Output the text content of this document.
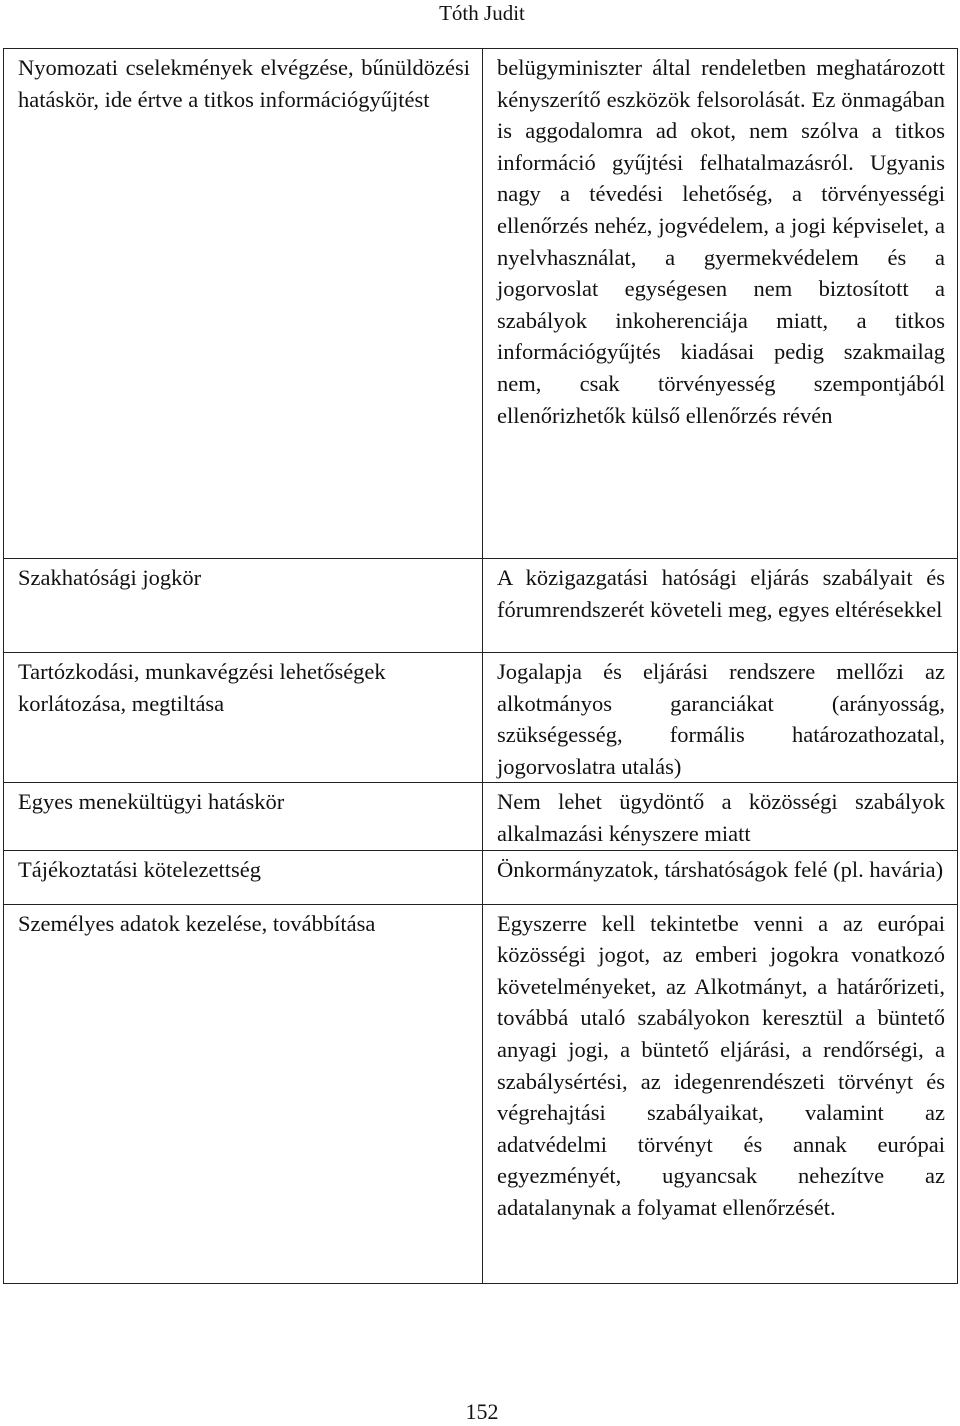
Tóth Judit
Nyomozati cselekmények elvégzése, bűnüldözési hatáskör, ide értve a titkos információgyűjtést	belügyminiszter által rendeletben meghatározott kényszerítő eszközök felsorolását. Ez önmagában is aggodalomra ad okot, nem szólva a titkos információ gyűjtési felhatalmazásról. Ugyanis nagy a tévedési lehetőség, a törvényességi ellenőrzés nehéz, jogvédelem, a jogi képviselet, a nyelvhasználat, a gyermekvédelem és a jogorvoslat egységesen nem biztosított a szabályok inkoherenciája miatt, a titkos információgyűjtés kiadásai pedig szakmailag nem, csak törvényesség szempontjából ellenőrizhetők külső ellenőrzés révén
Szakhatósági jogkör	A közigazgatási hatósági eljárás szabályait és fórumrendszerét követeli meg, egyes eltérésekkel
Tartózkodási, munkavégzési lehetőségek korlátozása, megtiltása	Jogalapja és eljárási rendszere mellőzi az alkotmányos garanciákat (arányosság, szükségesség, formális határozathozatal, jogorvoslatra utalás)
Egyes menekültügyi hatáskör	Nem lehet ügydöntő a közösségi szabályok alkalmazási kényszere miatt
Tájékoztatási kötelezettség	Önkormányzatok, társhatóságok felé (pl. havária)
Személyes adatok kezelése, továbbítása	Egyszerre kell tekintetbe venni a az európai közösségi jogot, az emberi jogokra vonatkozó követelményeket, az Alkotmányt, a határőrizeti, továbbá utaló szabályokon keresztül a büntető anyagi jogi, a büntető eljárási, a rendőrségi, a szabálysértési, az idegenrendészeti törvényt és végrehajtási szabályaikat, valamint az adatvédelmi törvényt és annak európai egyezményét, ugyancsak nehezítve az adatalanynak a folyamat ellenőrzését.
152
